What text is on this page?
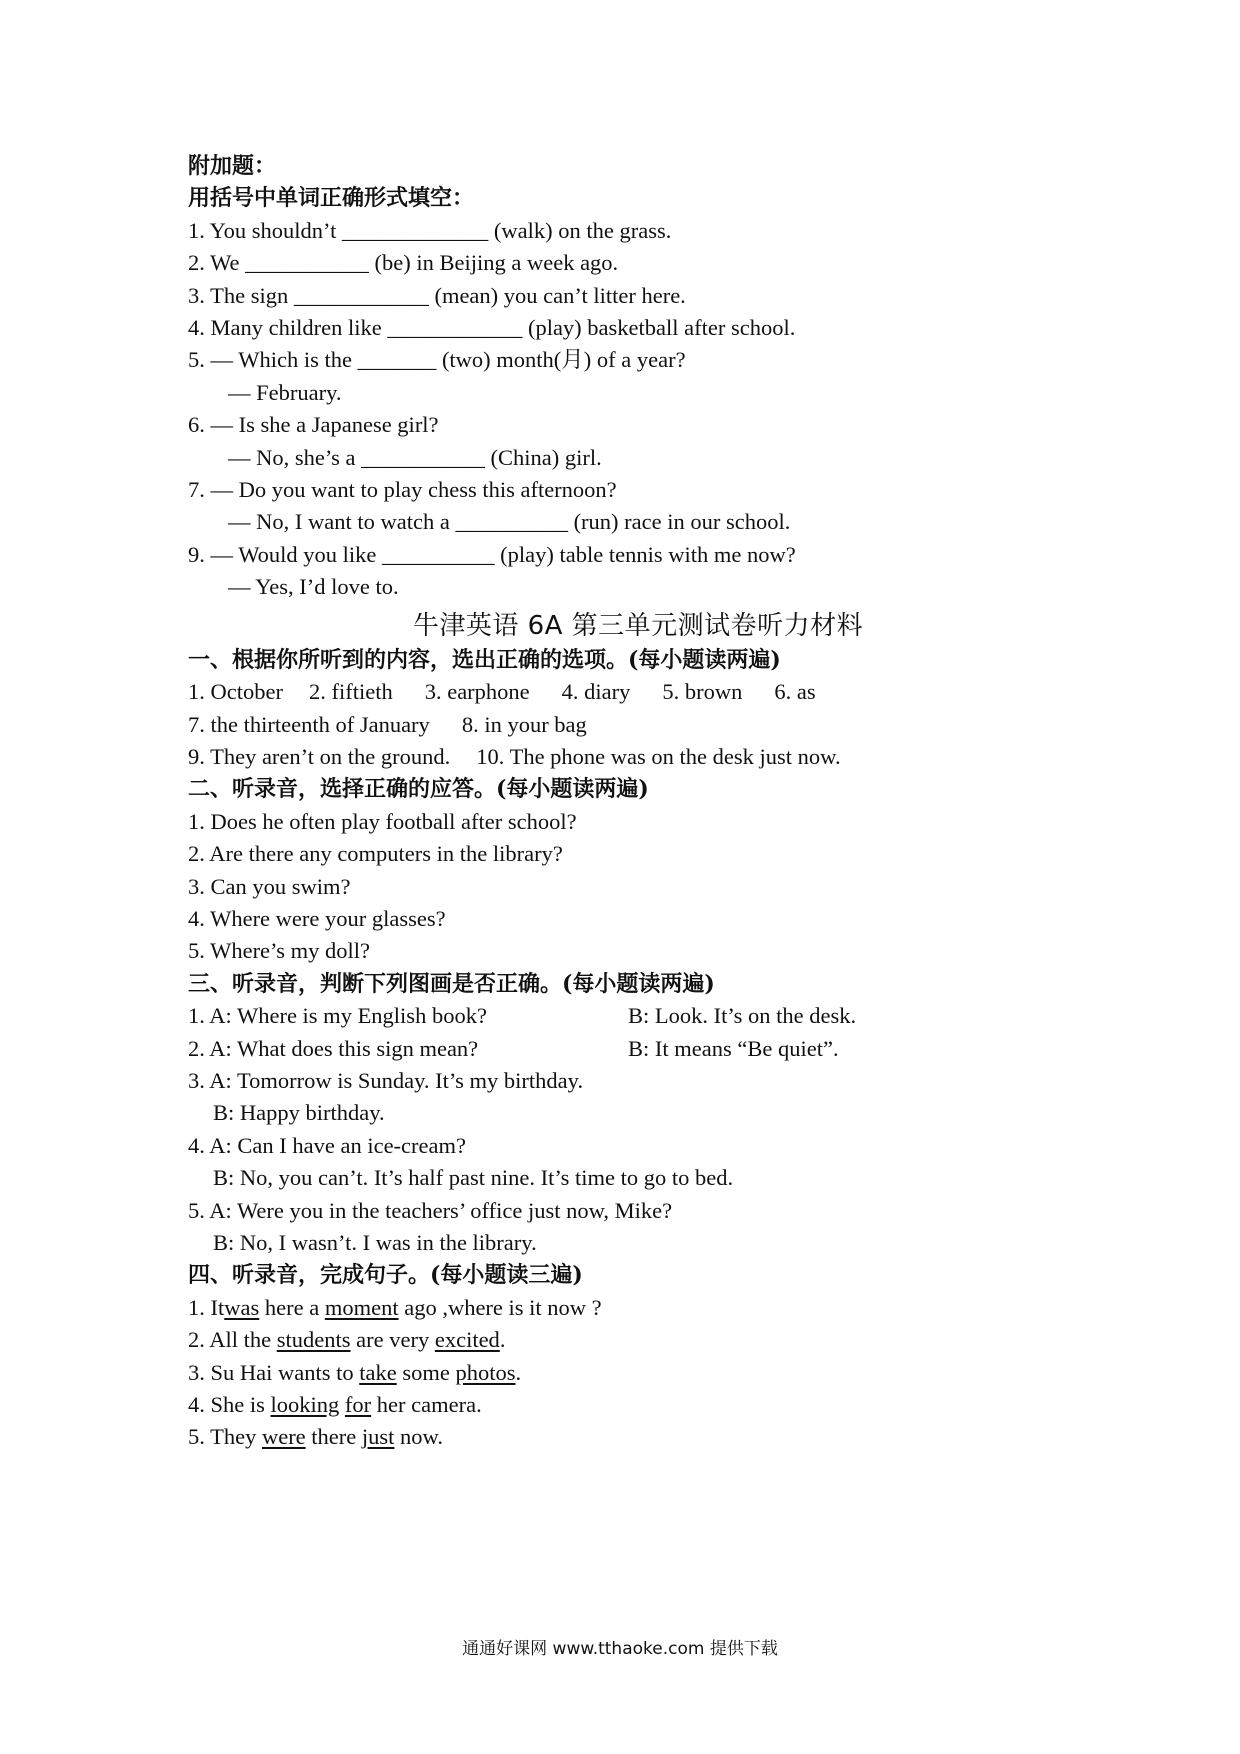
附加题：
用括号中单词正确形式填空：
1. You shouldn’t _____________ (walk) on the grass.
2. We ___________ (be) in Beijing a week ago.
3. The sign ____________ (mean) you can’t litter here.
4. Many children like ____________ (play) basketball after school.
5. — Which is the _______ (two) month(月) of a year?
— February.
6. — Is she a Japanese girl?
— No, she’s a ___________ (China) girl.
7. — Do you want to play chess this afternoon?
— No, I want to watch a __________ (run) race in our school.
9. — Would you like __________ (play) table tennis with me now?
— Yes, I’d love to.
牛津英语 6A 第三单元测试卷听力材料
一、根据你所听到的内容，选出正确的选项。(每小题读两遍)
1. October 2. fiftieth 3. earphone 4. diary 5. brown 6. as
7. the thirteenth of January 8. in your bag
9. They aren’t on the ground. 10. The phone was on the desk just now.
二、听录音，选择正确的应答。(每小题读两遍)
1. Does he often play football after school?
2. Are there any computers in the library?
3. Can you swim?
4. Where were your glasses?
5. Where’s my doll?
三、听录音，判断下列图画是否正确。(每小题读两遍)
1. A: Where is my English book?	B: Look. It’s on the desk.
2. A: What does this sign mean?	B: It means “Be quiet”.
3. A: Tomorrow is Sunday. It’s my birthday.
B: Happy birthday.
4. A: Can I have an ice-cream?
B: No, you can’t. It’s half past nine. It’s time to go to bed.
5. A: Were you in the teachers’ office just now, Mike?
B: No, I wasn’t. I was in the library.
四、听录音，完成句子。(每小题读三遍)
1. Itwas here a moment ago ,where is it now ?
2. All the students are very excited.
3. Su Hai wants to take some photos.
4. She is looking for her camera.
5. They were there just now.
通通好课网 www.tthaoke.com 提供下载
